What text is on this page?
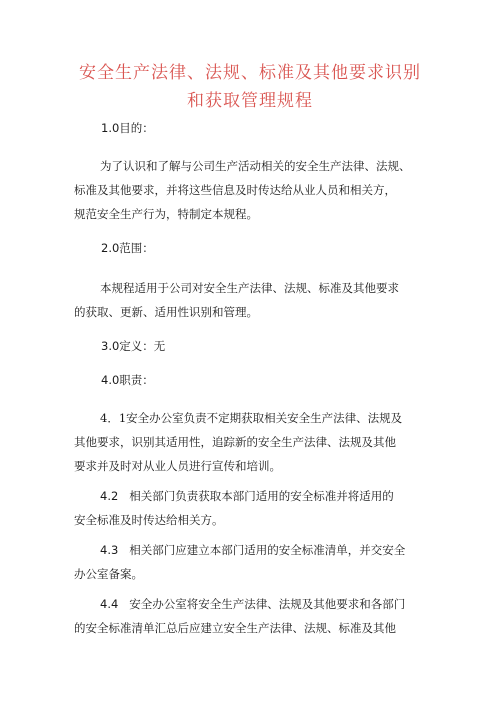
安全生产法律、法规、标准及其他要求识别
和获取管理规程
1.0目的：
为了认识和了解与公司生产活动相关的安全生产法律、法规、
标准及其他要求，并将这些信息及时传达给从业人员和相关方，
规范安全生产行为，特制定本规程。
2.0范围：
本规程适用于公司对安全生产法律、法规、标准及其他要求
的获取、更新、适用性识别和管理。
3.0定义：无
4.0职责：
4．1安全办公室负责不定期获取相关安全生产法律、法规及
其他要求，识别其适用性，追踪新的安全生产法律、法规及其他
要求并及时对从业人员进行宣传和培训。
4.2 相关部门负责获取本部门适用的安全标准并将适用的
安全标准及时传达给相关方。
4.3 相关部门应建立本部门适用的安全标准清单，并交安全
办公室备案。
4.4 安全办公室将安全生产法律、法规及其他要求和各部门
的安全标准清单汇总后应建立安全生产法律、法规、标准及其他
